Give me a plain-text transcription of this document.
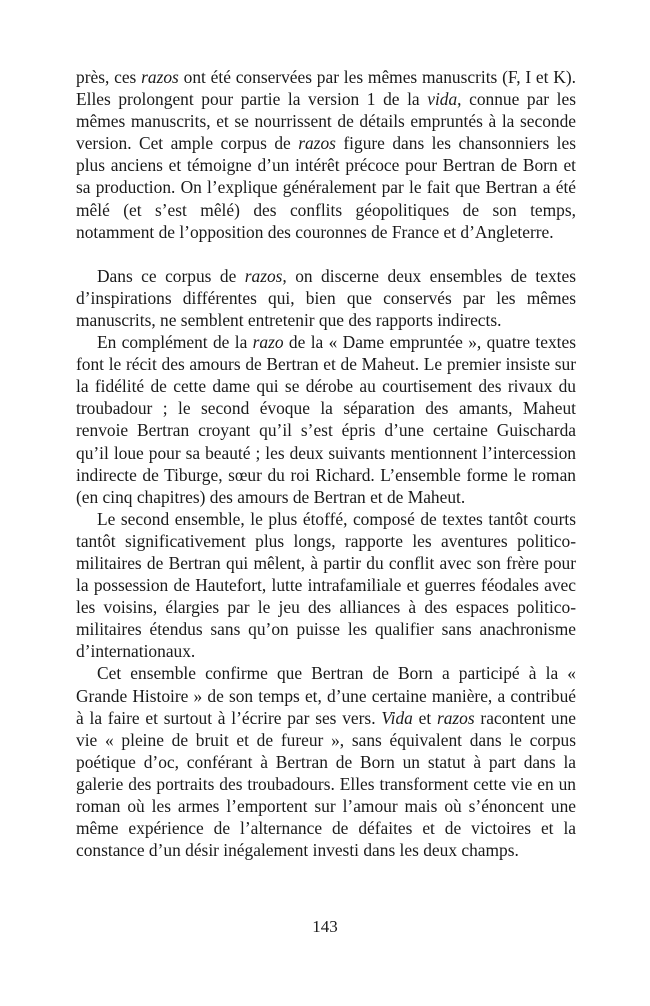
près, ces razos ont été conservées par les mêmes manuscrits (F, I et K). Elles prolongent pour partie la version 1 de la vida, connue par les mêmes manuscrits, et se nourrissent de détails empruntés à la seconde version. Cet ample corpus de razos figure dans les chansonniers les plus anciens et témoigne d’un intérêt précoce pour Bertran de Born et sa production. On l’explique généralement par le fait que Bertran a été mêlé (et s’est mêlé) des conflits géopolitiques de son temps, notamment de l’opposition des couronnes de France et d’Angleterre.

Dans ce corpus de razos, on discerne deux ensembles de textes d’inspirations différentes qui, bien que conservés par les mêmes manuscrits, ne semblent entretenir que des rapports indirects.

En complément de la razo de la « Dame empruntée », quatre textes font le récit des amours de Bertran et de Maheut. Le premier insiste sur la fidélité de cette dame qui se dérobe au courtisement des rivaux du troubadour ; le second évoque la séparation des amants, Maheut renvoie Bertran croyant qu’il s’est épris d’une certaine Guischarda qu’il loue pour sa beauté ; les deux suivants mentionnent l’intercession indirecte de Tiburge, sœur du roi Richard. L’ensemble forme le roman (en cinq chapitres) des amours de Bertran et de Maheut.

Le second ensemble, le plus étoffé, composé de textes tantôt courts tantôt significativement plus longs, rapporte les aventures politico-militaires de Bertran qui mêlent, à partir du conflit avec son frère pour la possession de Hautefort, lutte intrafamiliale et guerres féodales avec les voisins, élargies par le jeu des alliances à des espaces politico-militaires étendus sans qu’on puisse les qualifier sans anachronisme d’internationaux.

Cet ensemble confirme que Bertran de Born a participé à la « Grande Histoire » de son temps et, d’une certaine manière, a contribué à la faire et surtout à l’écrire par ses vers. Vida et razos racontent une vie « pleine de bruit et de fureur », sans équivalent dans le corpus poétique d’oc, conférant à Bertran de Born un statut à part dans la galerie des portraits des troubadours. Elles transforment cette vie en un roman où les armes l’emportent sur l’amour mais où s’énoncent une même expérience de l’alternance de défaites et de victoires et la constance d’un désir inégalement investi dans les deux champs.

143
